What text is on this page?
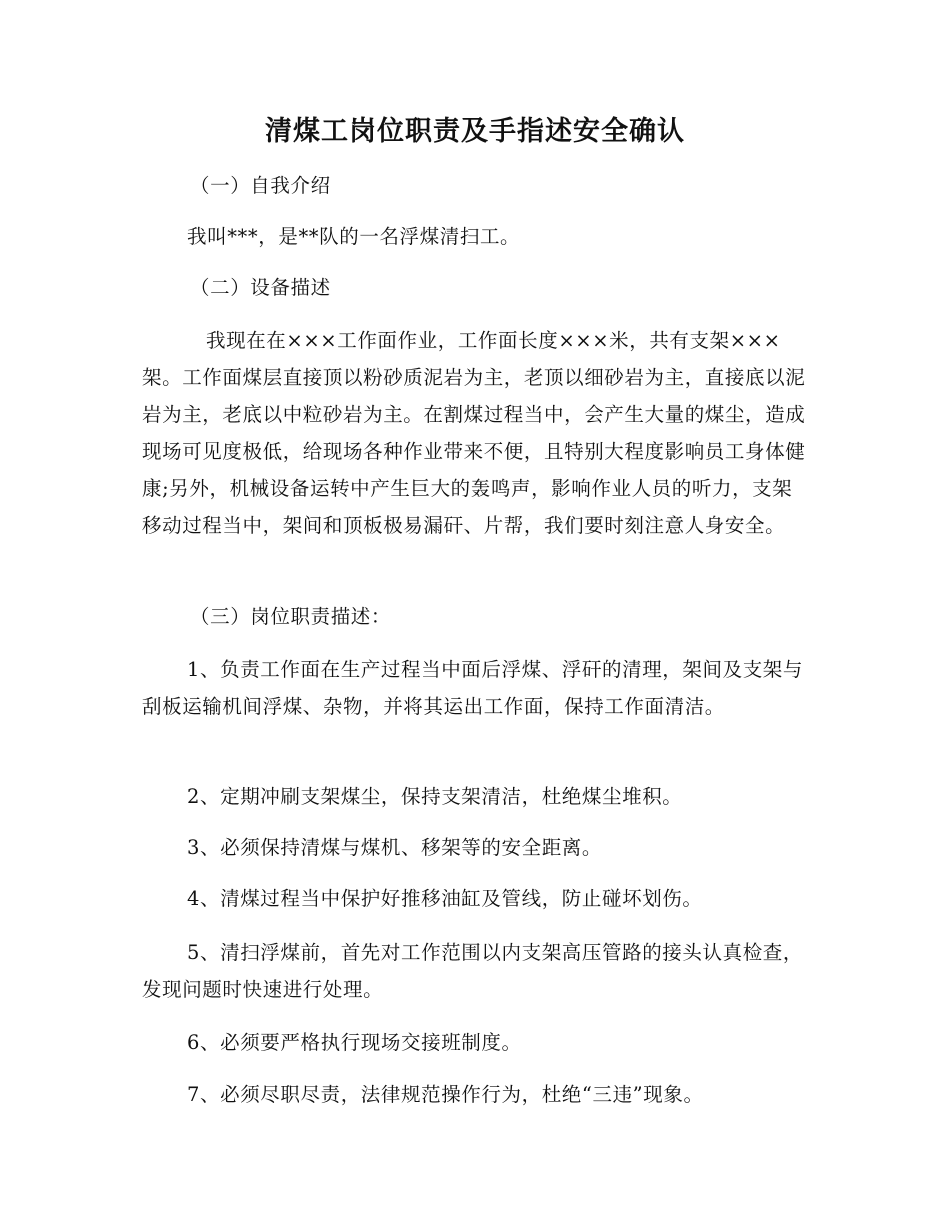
清煤工岗位职责及手指述安全确认

（一）自我介绍

我叫***，是**队的一名浮煤清扫工。

（二）设备描述

我现在在×××工作面作业，工作面长度×××米，共有支架×××架。工作面煤层直接顶以粉砂质泥岩为主，老顶以细砂岩为主，直接底以泥岩为主，老底以中粒砂岩为主。在割煤过程当中，会产生大量的煤尘，造成现场可见度极低，给现场各种作业带来不便，且特别大程度影响员工身体健康;另外，机械设备运转中产生巨大的轰鸣声，影响作业人员的听力，支架移动过程当中，架间和顶板极易漏矸、片帮，我们要时刻注意人身安全。

（三）岗位职责描述：

1、负责工作面在生产过程当中面后浮煤、浮矸的清理，架间及支架与刮板运输机间浮煤、杂物，并将其运出工作面，保持工作面清洁。

2、定期冲刷支架煤尘，保持支架清洁，杜绝煤尘堆积。

3、必须保持清煤与煤机、移架等的安全距离。

4、清煤过程当中保护好推移油缸及管线，防止碰坏划伤。

5、清扫浮煤前，首先对工作范围以内支架高压管路的接头认真检查，发现问题时快速进行处理。

6、必须要严格执行现场交接班制度。

7、必须尽职尽责，法律规范操作行为，杜绝“三违”现象。
